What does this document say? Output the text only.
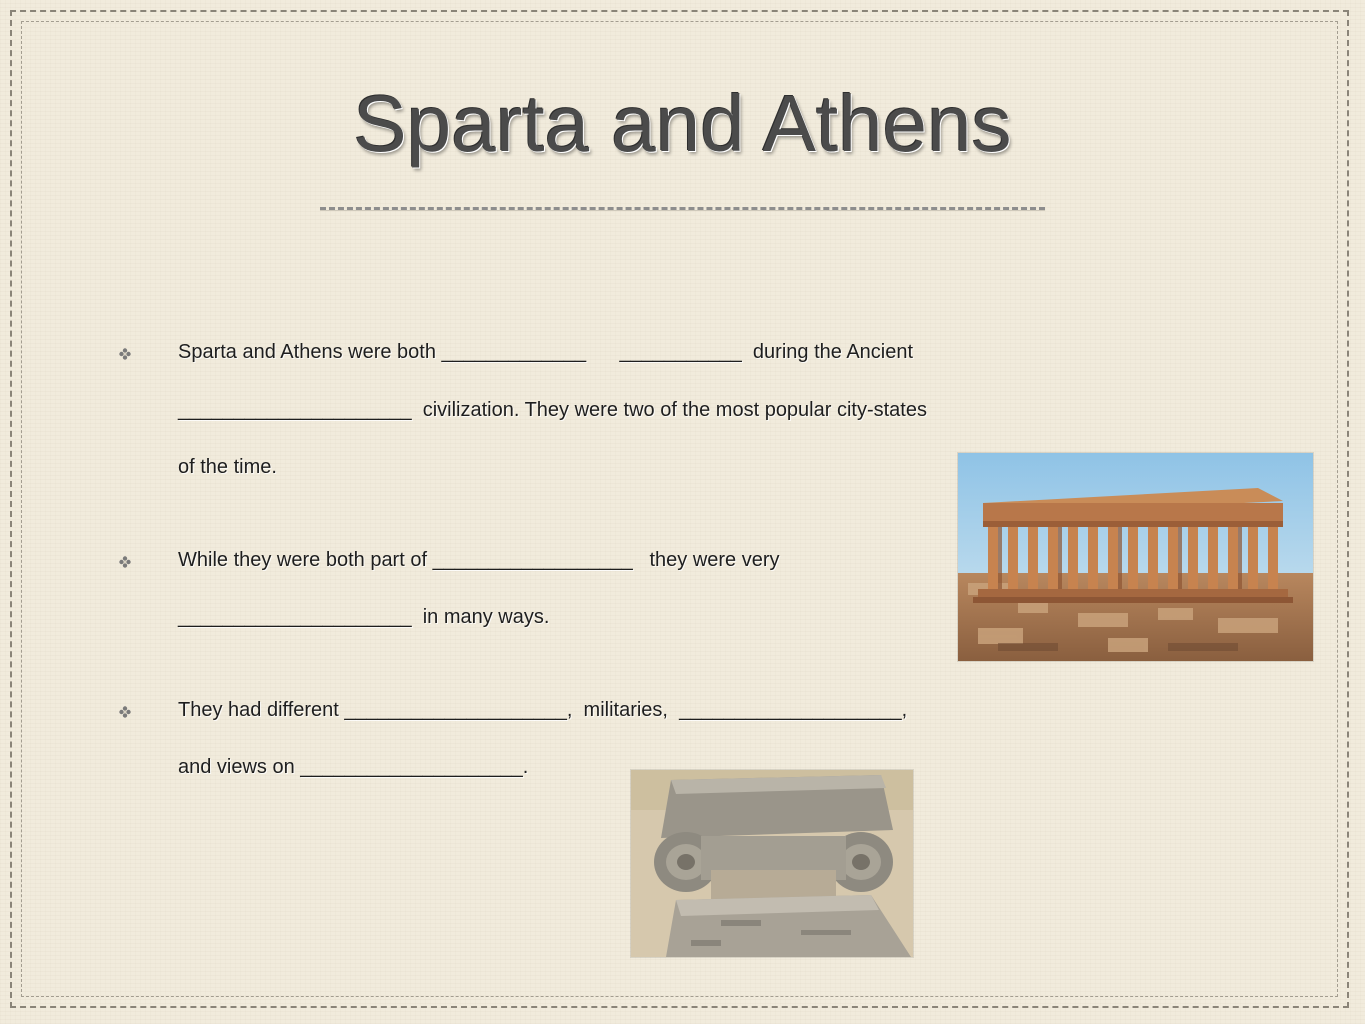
Sparta and Athens
Sparta and Athens were both _____________      ___________  during the Ancient
_____________________  civilization. They were two of the most popular city-states
of the time.
While they were both part of __________________   they were very
_____________________  in many ways.
They had different ____________________,  militaries,  ____________________,
and views on ____________________.
